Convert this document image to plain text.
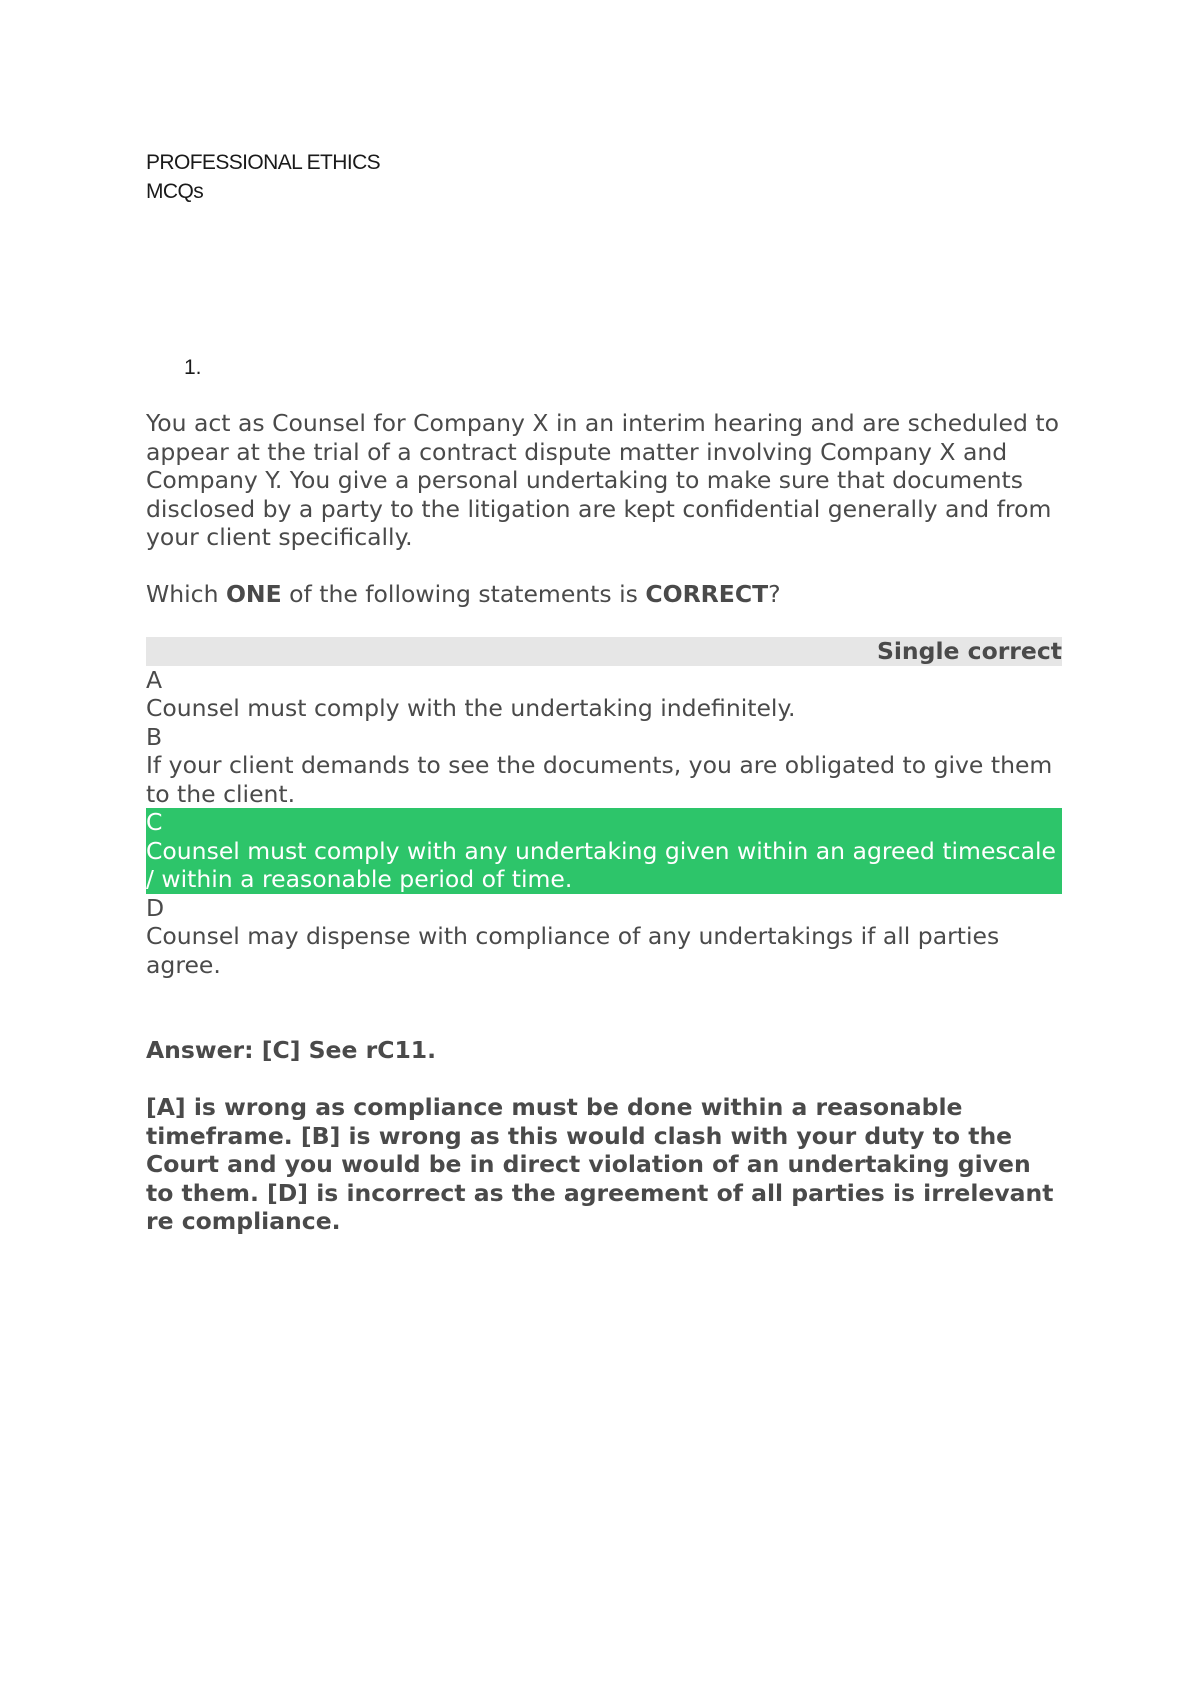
PROFESSIONAL ETHICS
MCQs
1.

You act as Counsel for Company X in an interim hearing and are scheduled to appear at the trial of a contract dispute matter involving Company X and Company Y. You give a personal undertaking to make sure that documents disclosed by a party to the litigation are kept confidential generally and from your client specifically.

Which ONE of the following statements is CORRECT?

Single correct
A
Counsel must comply with the undertaking indefinitely.
B
If your client demands to see the documents, you are obligated to give them to the client.
C
Counsel must comply with any undertaking given within an agreed timescale / within a reasonable period of time.
D
Counsel may dispense with compliance of any undertakings if all parties agree.

Answer: [C] See rC11.

[A] is wrong as compliance must be done within a reasonable timeframe. [B] is wrong as this would clash with your duty to the Court and you would be in direct violation of an undertaking given to them. [D] is incorrect as the agreement of all parties is irrelevant re compliance.
